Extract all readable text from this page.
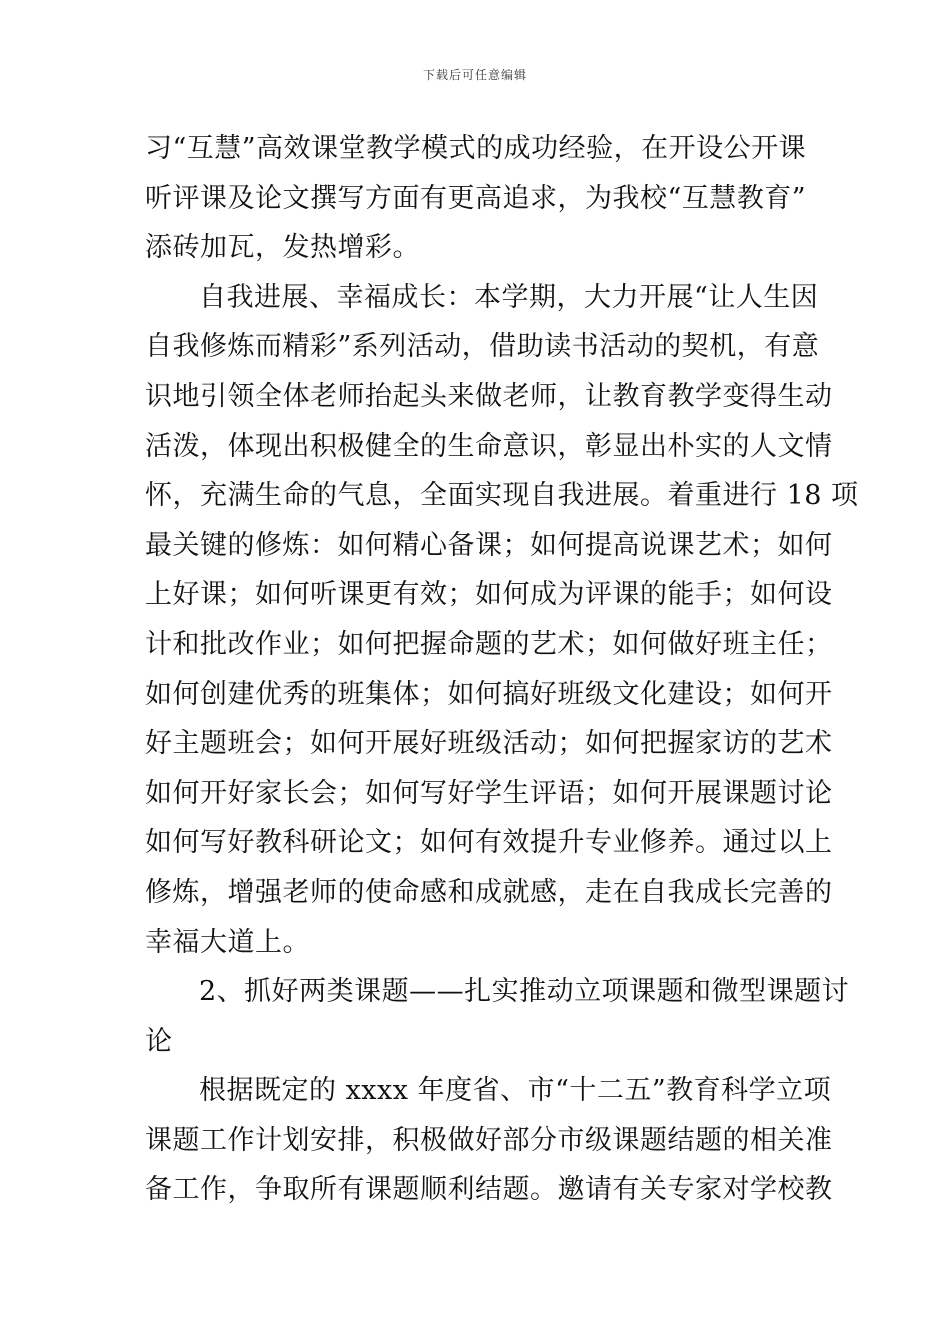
下载后可任意编辑
习“互慧”高效课堂教学模式的成功经验，在开设公开课
听评课及论文撰写方面有更高追求，为我校“互慧教育”
添砖加瓦，发热增彩。
自我进展、幸福成长：本学期，大力开展“让人生因
自我修炼而精彩”系列活动，借助读书活动的契机，有意
识地引领全体老师抬起头来做老师，让教育教学变得生动
活泼，体现出积极健全的生命意识，彰显出朴实的人文情
怀，充满生命的气息，全面实现自我进展。着重进行 18 项
最关键的修炼：如何精心备课；如何提高说课艺术；如何
上好课；如何听课更有效；如何成为评课的能手；如何设
计和批改作业；如何把握命题的艺术；如何做好班主任；
如何创建优秀的班集体；如何搞好班级文化建设；如何开
好主题班会；如何开展好班级活动；如何把握家访的艺术
如何开好家长会；如何写好学生评语；如何开展课题讨论
如何写好教科研论文；如何有效提升专业修养。通过以上
修炼，增强老师的使命感和成就感，走在自我成长完善的
幸福大道上。
2、抓好两类课题——扎实推动立项课题和微型课题讨
论
根据既定的 xxxx 年度省、市“十二五”教育科学立项
课题工作计划安排，积极做好部分市级课题结题的相关准
备工作，争取所有课题顺利结题。邀请有关专家对学校教
